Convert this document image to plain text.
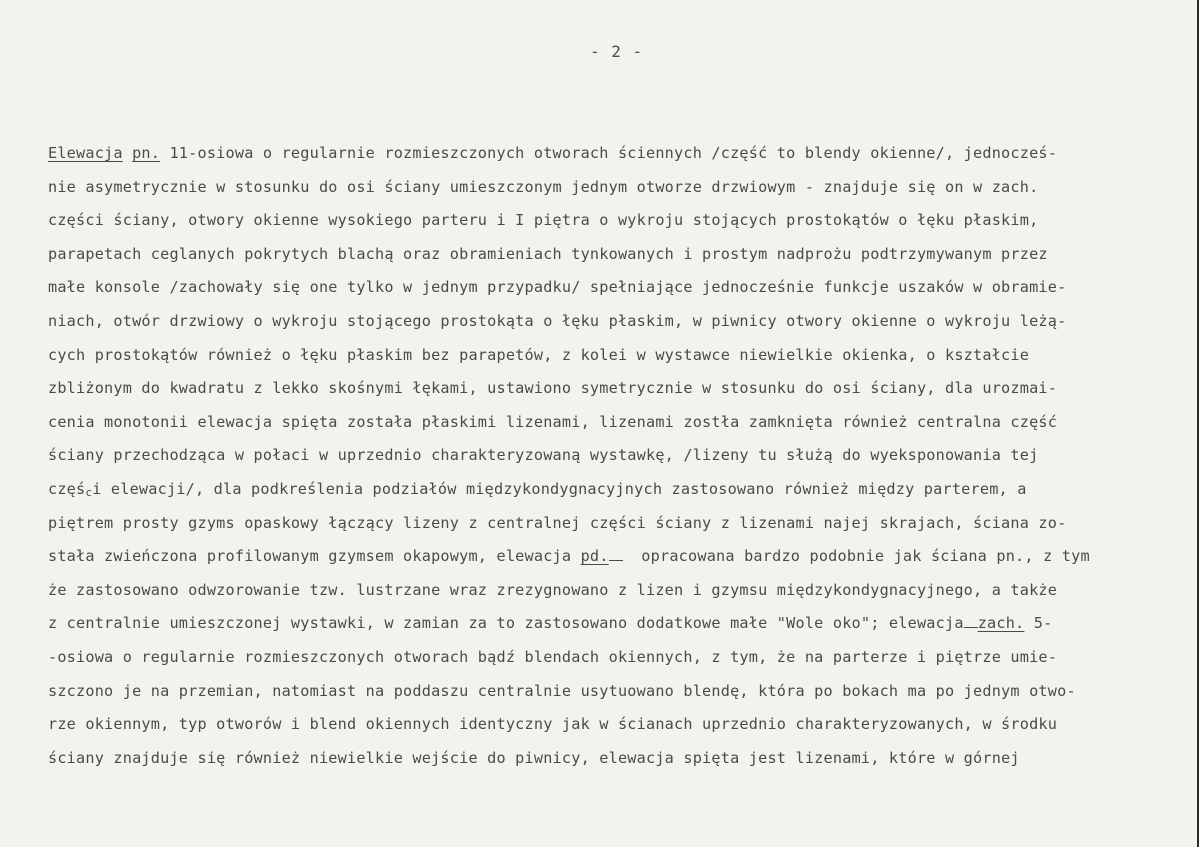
- 2 -
Elewacja pn. 11-osiowa o regularnie rozmieszczonych otworach ściennych /część to blendy okienne/, jednocześ-
nie asymetrycznie w stosunku do osi ściany umieszczonym jednym otworze drzwiowym - znajduje się on w zach.
części ściany, otwory okienne wysokiego parteru i I piętra o wykroju stojących prostokątów o łęku płaskim,
parapetach ceglanych pokrytych blachą oraz obramieniach tynkowanych i prostym nadprożu podtrzymywanym przez
małe konsole /zachowały się one tylko w jednym przypadku/ spełniające jednocześnie funkcje uszaków w obramie-
niach, otwór drzwiowy o wykroju stojącego prostokąta o łęku płaskim, w piwnicy otwory okienne o wykroju leżą-
cych prostokątów również o łęku płaskim bez parapetów, z kolei w wystawce niewielkie okienka, o kształcie
zbliżonym do kwadratu z lekko skośnymi łękami, ustawiono symetrycznie w stosunku do osi ściany, dla urozmai-
cenia monotonii elewacja spięta została płaskimi lizenami, lizenami zostła zamknięta również centralna część
ściany przechodząca w połaci w uprzednio charakteryzowaną wystawkę, /lizeny tu służą do wyeksponowania tej
części elewacji/, dla podkreślenia podziałów międzykondygnacyjnych zastosowano również między parterem, a
piętrem prosty gzyms opaskowy łączący lizeny z centralnej części ściany z lizenami najej skrajach, ściana zo-
stała zwieńczona profilowanym gzymsem okapowym, elewacja pd.  opracowana bardzo podobnie jak ściana pn., z tym
że zastosowano odwzorowanie tzw. lustrzane wraz zrezygnowano z lizen i gzymsu międzykondygnacyjnego, a także
z centralnie umieszczonej wystawki, w zamian za to zastosowano dodatkowe małe "Wole oko"; elewacja zach. 5-
-osiowa o regularnie rozmieszczonych otworach bądź blendach okiennych, z tym, że na parterze i piętrze umie-
szczono je na przemian, natomiast na poddaszu centralnie usytuowano blendę, która po bokach ma po jednym otwo-
rze okiennym, typ otworów i blend okiennych identyczny jak w ścianach uprzednio charakteryzowanych, w środku
ściany znajduje się również niewielkie wejście do piwnicy, elewacja spięta jest lizenami, które w górnej
